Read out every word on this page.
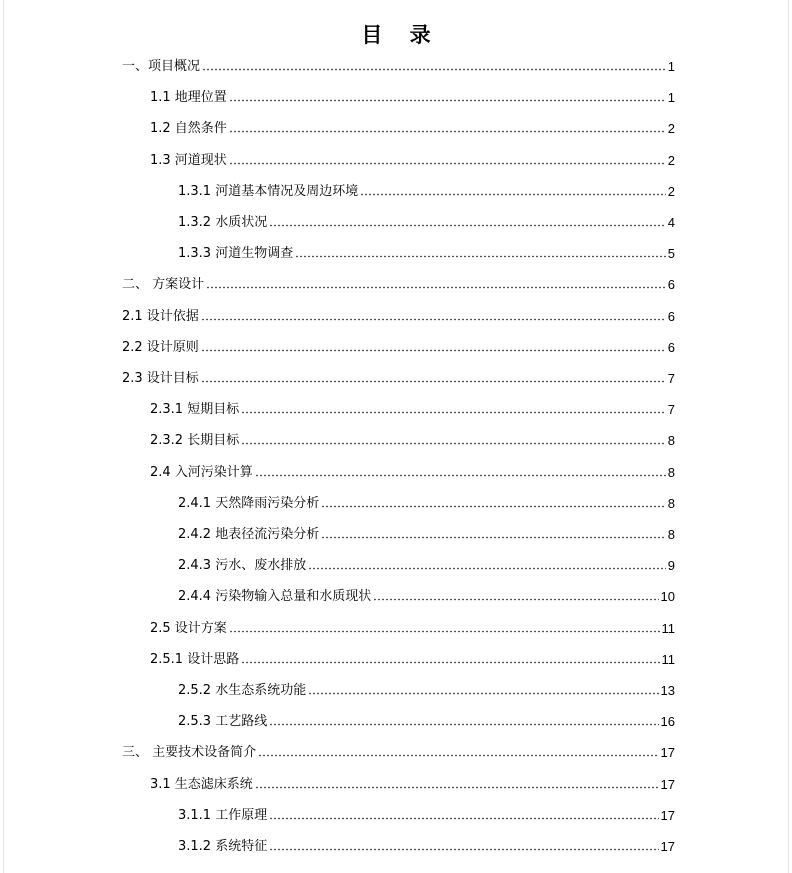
目 录
一、项目概况	1
1.1 地理位置	1
1.2 自然条件	2
1.3 河道现状	2
1.3.1 河道基本情况及周边环境	2
1.3.2 水质状况	4
1.3.3 河道生物调查	5
二、 方案设计	6
2.1 设计依据	6
2.2 设计原则	6
2.3 设计目标	7
2.3.1 短期目标	7
2.3.2 长期目标	8
2.4 入河污染计算	8
2.4.1 天然降雨污染分析	8
2.4.2 地表径流污染分析	8
2.4.3 污水、废水排放	9
2.4.4 污染物输入总量和水质现状	10
2.5 设计方案	11
2.5.1 设计思路	11
2.5.2 水生态系统功能	13
2.5.3 工艺路线	16
三、 主要技术设备简介	17
3.1 生态滤床系统	17
3.1.1 工作原理	17
3.1.2 系统特征	17
